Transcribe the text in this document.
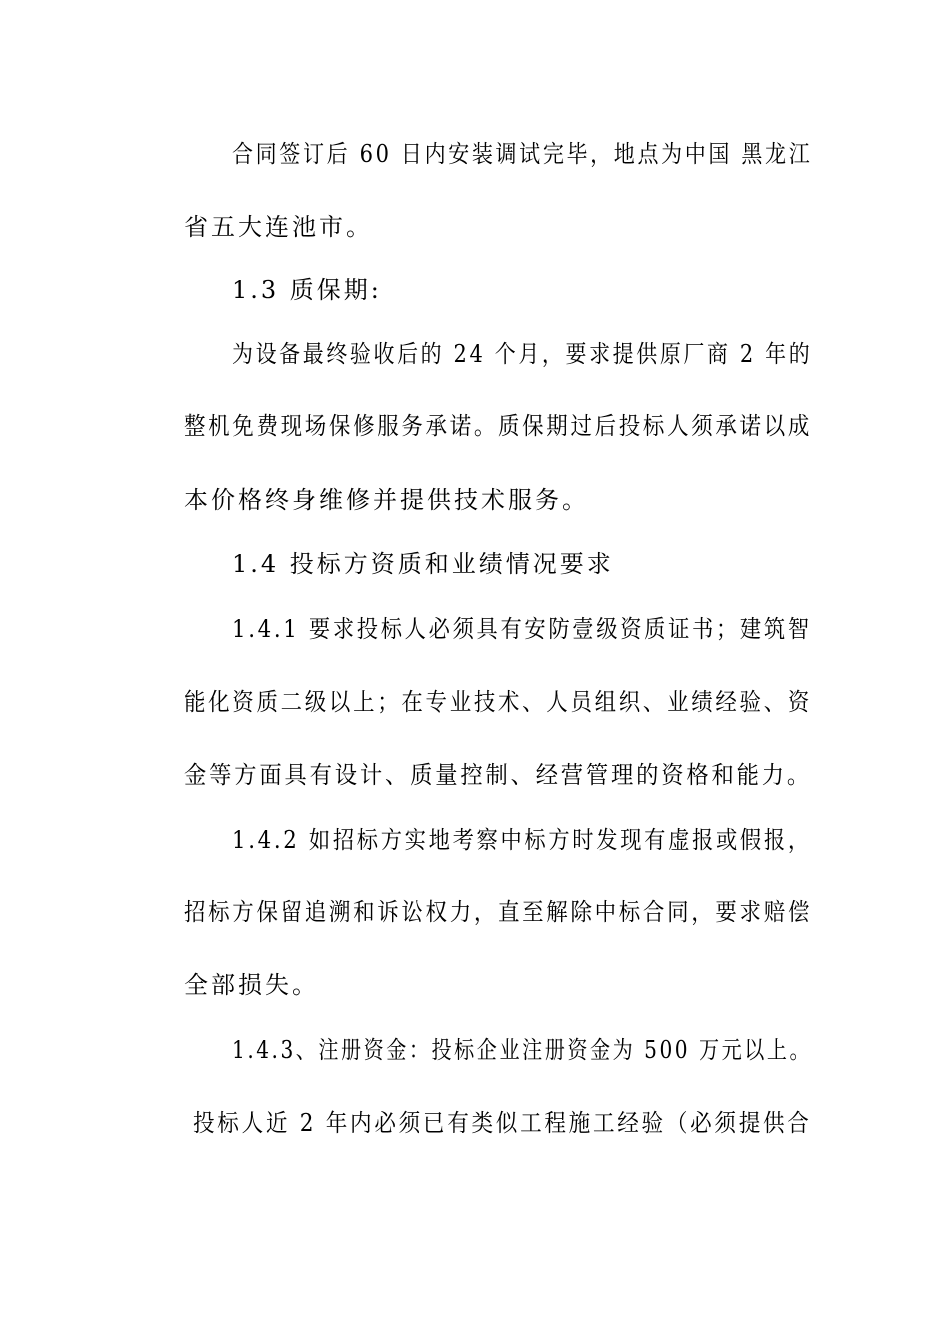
合同签订后 60 日内安装调试完毕，地点为中国 黑龙江
省五大连池市。
1.3 质保期:
为设备最终验收后的 24 个月，要求提供原厂商 2 年的
整机免费现场保修服务承诺。质保期过后投标人须承诺以成
本价格终身维修并提供技术服务。
1.4 投标方资质和业绩情况要求
1.4.1 要求投标人必须具有安防壹级资质证书；建筑智
能化资质二级以上；在专业技术、人员组织、业绩经验、资
金等方面具有设计、质量控制、经营管理的资格和能力。
1.4.2 如招标方实地考察中标方时发现有虚报或假报，
招标方保留追溯和诉讼权力，直至解除中标合同，要求赔偿
全部损失。
1.4.3、注册资金：投标企业注册资金为 500 万元以上。
投标人近 2 年内必须已有类似工程施工经验（必须提供合
